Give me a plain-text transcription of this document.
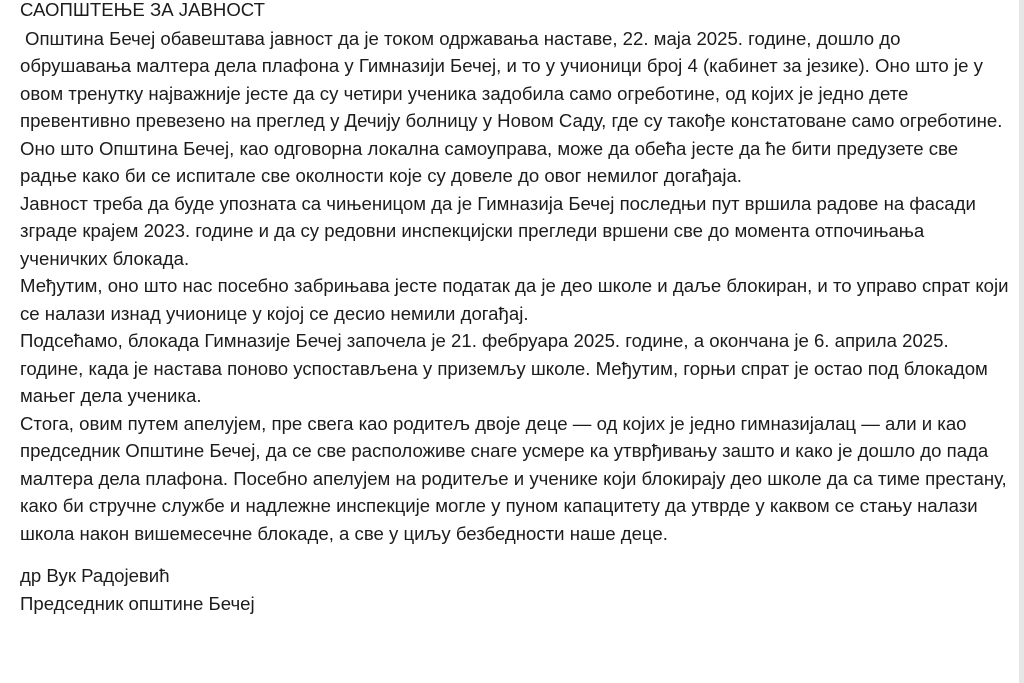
САОПШТЕЊЕ ЗА ЈАВНОСТ

Општина Бечеј обавештава јавност да је током одржавања наставе, 22. маја 2025. године, дошло до обрушавања малтера дела плафона у Гимназији Бечеј, и то у учионици број 4 (кабинет за језике). Оно што је у овом тренутку најважније јесте да су четири ученика задобила само огреботине, од којих је једно дете превентивно превезено на преглед у Дечију болницу у Новом Саду, где су такође констатоване само огреботине. Оно што Општина Бечеј, као одговорна локална самоуправа, може да обећа јесте да ће бити предузете све радње како би се испитале све околности које су довеле до овог немилог догађаја.

Јавност треба да буде упозната са чињеницом да је Гимназија Бечеј последњи пут вршила радове на фасади зграде крајем 2023. године и да су редовни инспекцијски прегледи вршени све до момента отпочињања ученичких блокада.

Међутим, оно што нас посебно забрињава јесте податак да је део школе и даље блокиран, и то управо спрат који се налази изнад учионице у којој се десио немили догађај.

Подсећамо, блокада Гимназије Бечеј започела је 21. фебруара 2025. године, а окончана је 6. априла 2025. године, када је настава поново успостављена у приземљу школе. Међутим, горњи спрат је остао под блокадом мањег дела ученика.

Стога, овим путем апелујем, пре свега као родитељ двоје деце — од којих је једно гимназијалац — али и као председник Општине Бечеј, да се све расположиве снаге усмере ка утврђивању зашто и како је дошло до пада малтера дела плафона. Посебно апелујем на родитеље и ученике који блокирају део школе да са тиме престану, како би стручне службе и надлежне инспекције могле у пуном капацитету да утврде у каквом се стању налази школа након вишемесечне блокаде, а све у циљу безбедности наше деце.

др Вук Радојевић

Председник општине Бечеј
